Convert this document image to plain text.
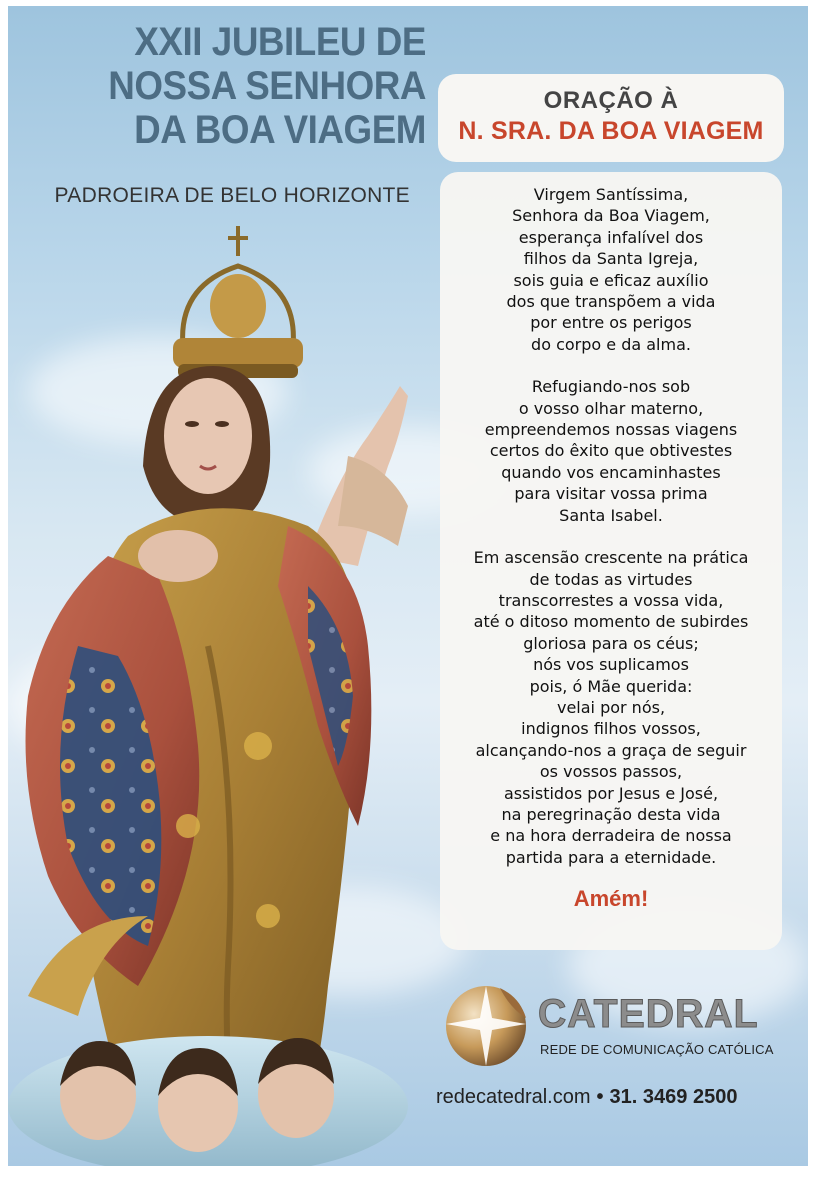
XXII JUBILEU DE
NOSSA SENHORA
DA BOA VIAGEM
PADROEIRA DE BELO HORIZONTE
ORAÇÃO À
N. SRA. DA BOA VIAGEM

Virgem Santíssima,
Senhora da Boa Viagem,
esperança infalível dos
filhos da Santa Igreja,
sois guia e eficaz auxílio
dos que transpõem a vida
por entre os perigos
do corpo e da alma.

Refugiando-nos sob
o vosso olhar materno,
empreendemos nossas viagens
certos do êxito que obtivestes
quando vos encaminhastes
para visitar vossa prima
Santa Isabel.

Em ascensão crescente na prática
de todas as virtudes
transcorrestes a vossa vida,
até o ditoso momento de subirdes
gloriosa para os céus;
nós vos suplicamos
pois, ó Mãe querida:
velai por nós,
indignos filhos vossos,
alcançando-nos a graça de seguir
os vossos passos,
assistidos por Jesus e José,
na peregrinação desta vida
e na hora derradeira de nossa
partida para a eternidade.

Amém!
CATEDRAL
REDE DE COMUNICAÇÃO CATÓLICA
redecatedral.com • 31. 3469 2500
